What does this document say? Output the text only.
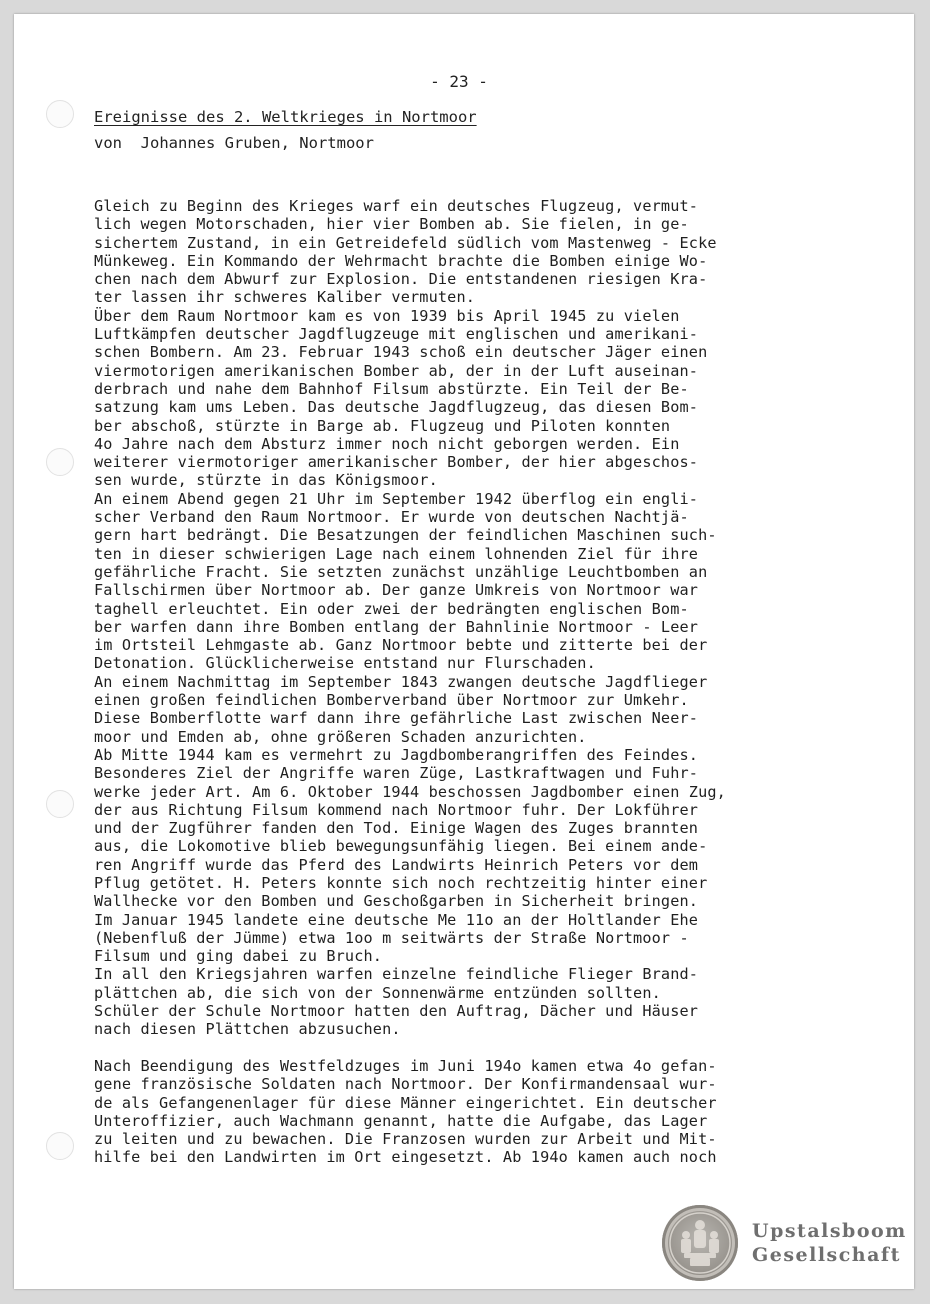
- 23 -
Ereignisse des 2. Weltkrieges in Nortmoor
von  Johannes Gruben, Nortmoor
Gleich zu Beginn des Krieges warf ein deutsches Flugzeug, vermut-
lich wegen Motorschaden, hier vier Bomben ab. Sie fielen, in ge-
sichertem Zustand, in ein Getreidefeld südlich vom Mastenweg - Ecke
Münkeweg. Ein Kommando der Wehrmacht brachte die Bomben einige Wo-
chen nach dem Abwurf zur Explosion. Die entstandenen riesigen Kra-
ter lassen ihr schweres Kaliber vermuten.
Über dem Raum Nortmoor kam es von 1939 bis April 1945 zu vielen
Luftkämpfen deutscher Jagdflugzeuge mit englischen und amerikani-
schen Bombern. Am 23. Februar 1943 schoß ein deutscher Jäger einen
viermotorigen amerikanischen Bomber ab, der in der Luft auseinan-
derbrach und nahe dem Bahnhof Filsum abstürzte. Ein Teil der Be-
satzung kam ums Leben. Das deutsche Jagdflugzeug, das diesen Bom-
ber abschoß, stürzte in Barge ab. Flugzeug und Piloten konnten
4o Jahre nach dem Absturz immer noch nicht geborgen werden. Ein
weiterer viermotoriger amerikanischer Bomber, der hier abgeschos-
sen wurde, stürzte in das Königsmoor.
An einem Abend gegen 21 Uhr im September 1942 überflog ein engli-
scher Verband den Raum Nortmoor. Er wurde von deutschen Nachtjä-
gern hart bedrängt. Die Besatzungen der feindlichen Maschinen such-
ten in dieser schwierigen Lage nach einem lohnenden Ziel für ihre
gefährliche Fracht. Sie setzten zunächst unzählige Leuchtbomben an
Fallschirmen über Nortmoor ab. Der ganze Umkreis von Nortmoor war
taghell erleuchtet. Ein oder zwei der bedrängten englischen Bom-
ber warfen dann ihre Bomben entlang der Bahnlinie Nortmoor - Leer
im Ortsteil Lehmgaste ab. Ganz Nortmoor bebte und zitterte bei der
Detonation. Glücklicherweise entstand nur Flurschaden.
An einem Nachmittag im September 1843 zwangen deutsche Jagdflieger
einen großen feindlichen Bomberverband über Nortmoor zur Umkehr.
Diese Bomberflotte warf dann ihre gefährliche Last zwischen Neer-
moor und Emden ab, ohne größeren Schaden anzurichten.
Ab Mitte 1944 kam es vermehrt zu Jagdbomberangriffen des Feindes.
Besonderes Ziel der Angriffe waren Züge, Lastkraftwagen und Fuhr-
werke jeder Art. Am 6. Oktober 1944 beschossen Jagdbomber einen Zug,
der aus Richtung Filsum kommend nach Nortmoor fuhr. Der Lokführer
und der Zugführer fanden den Tod. Einige Wagen des Zuges brannten
aus, die Lokomotive blieb bewegungsunfähig liegen. Bei einem ande-
ren Angriff wurde das Pferd des Landwirts Heinrich Peters vor dem
Pflug getötet. H. Peters konnte sich noch rechtzeitig hinter einer
Wallhecke vor den Bomben und Geschoßgarben in Sicherheit bringen.
Im Januar 1945 landete eine deutsche Me 11o an der Holtlander Ehe
(Nebenfluß der Jümme) etwa 1oo m seitwärts der Straße Nortmoor -
Filsum und ging dabei zu Bruch.
In all den Kriegsjahren warfen einzelne feindliche Flieger Brand-
plättchen ab, die sich von der Sonnenwärme entzünden sollten.
Schüler der Schule Nortmoor hatten den Auftrag, Dächer und Häuser
nach diesen Plättchen abzusuchen.
Nach Beendigung des Westfeldzuges im Juni 194o kamen etwa 4o gefan-
gene französische Soldaten nach Nortmoor. Der Konfirmandensaal wur-
de als Gefangenenlager für diese Männer eingerichtet. Ein deutscher
Unteroffizier, auch Wachmann genannt, hatte die Aufgabe, das Lager
zu leiten und zu bewachen. Die Franzosen wurden zur Arbeit und Mit-
hilfe bei den Landwirten im Ort eingesetzt. Ab 194o kamen auch noch
Upstalsboom
Gesellschaft
